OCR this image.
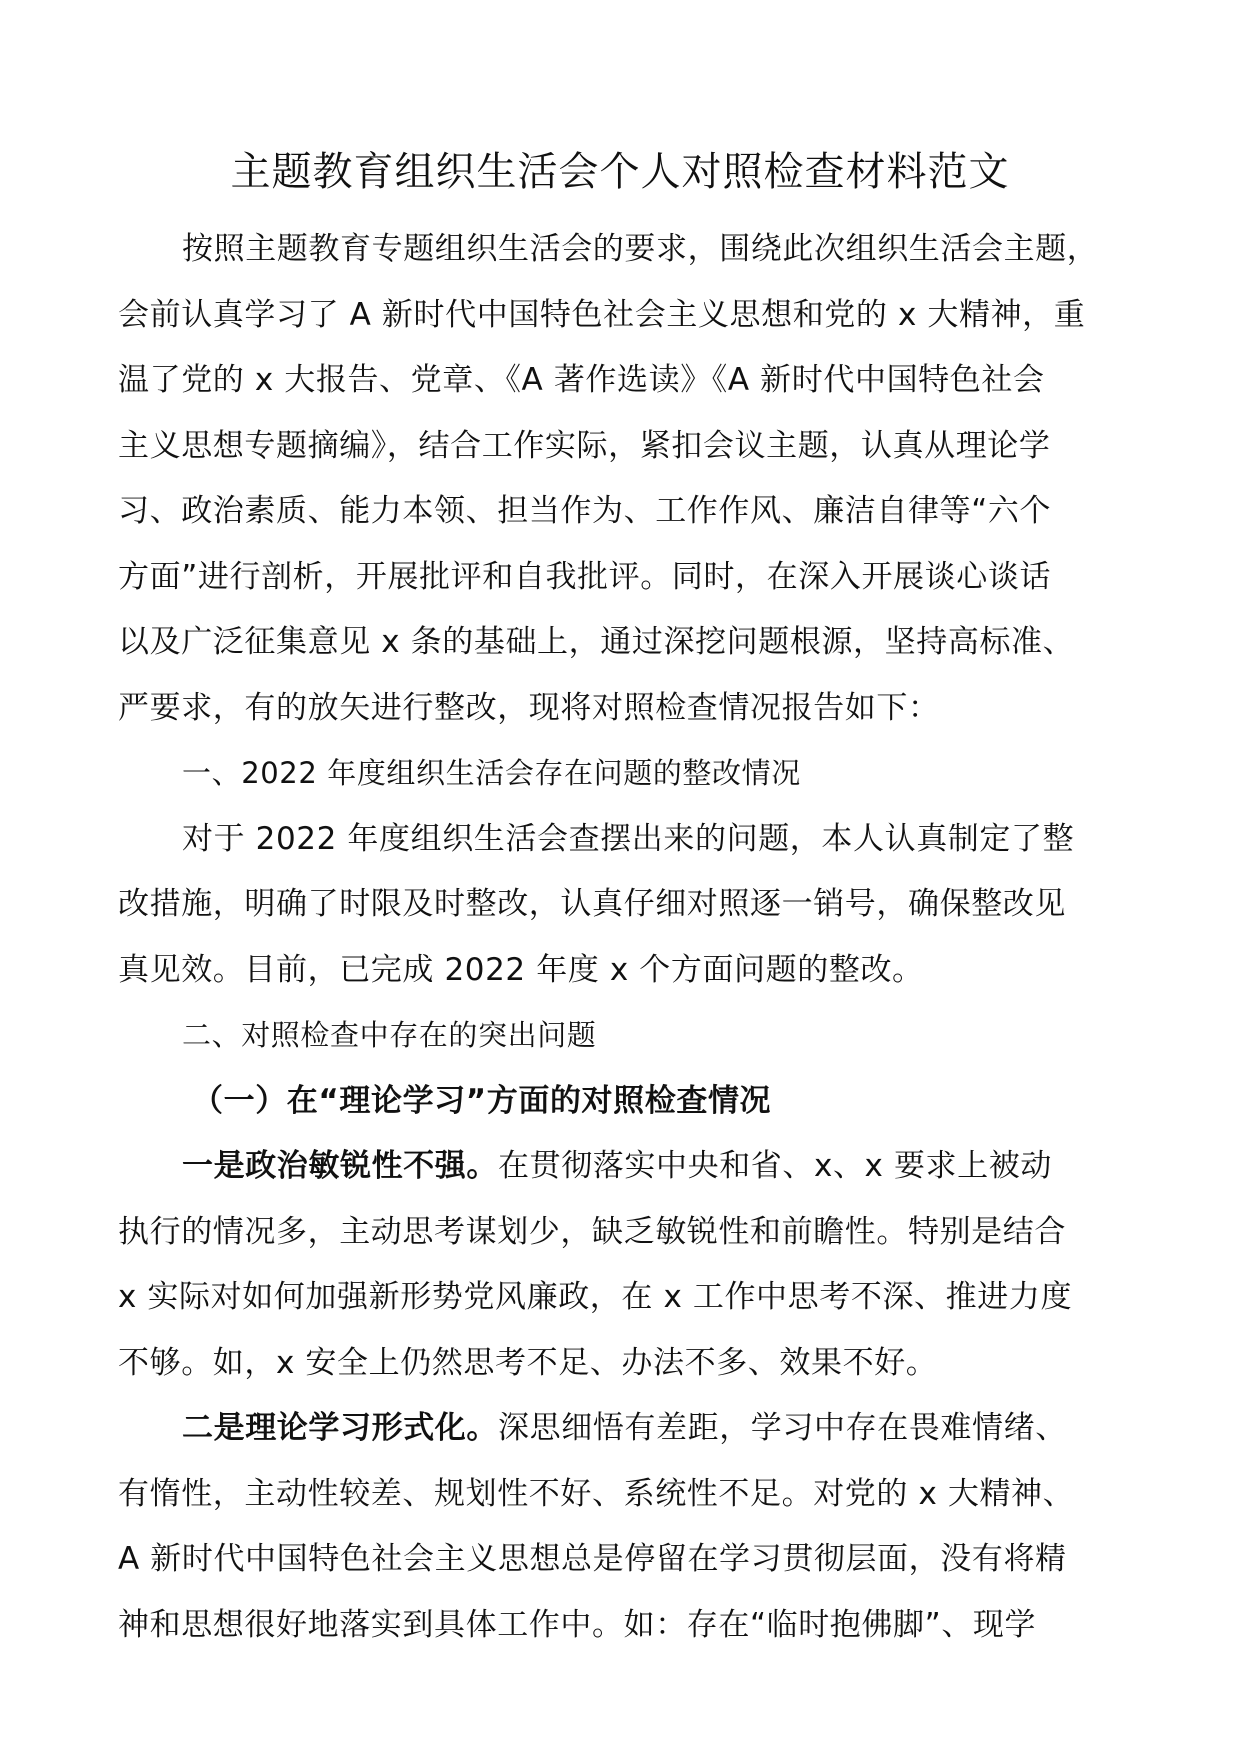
主题教育组织生活会个人对照检查材料范文
按照主题教育专题组织生活会的要求，围绕此次组织生活会主题，
会前认真学习了 A 新时代中国特色社会主义思想和党的 x 大精神，重
温了党的 x 大报告、党章、《A 著作选读》《A 新时代中国特色社会
主义思想专题摘编》，结合工作实际，紧扣会议主题，认真从理论学
习、政治素质、能力本领、担当作为、工作作风、廉洁自律等“六个
方面”进行剖析，开展批评和自我批评。同时，在深入开展谈心谈话
以及广泛征集意见 x 条的基础上，通过深挖问题根源，坚持高标准、
严要求，有的放矢进行整改，现将对照检查情况报告如下：
一、2022 年度组织生活会存在问题的整改情况
对于 2022 年度组织生活会查摆出来的问题，本人认真制定了整
改措施，明确了时限及时整改，认真仔细对照逐一销号，确保整改见
真见效。目前，已完成 2022 年度 x 个方面问题的整改。
二、对照检查中存在的突出问题
（一）在“理论学习”方面的对照检查情况
一是政治敏锐性不强。在贯彻落实中央和省、x、x 要求上被动
执行的情况多，主动思考谋划少，缺乏敏锐性和前瞻性。特别是结合
x 实际对如何加强新形势党风廉政，在 x 工作中思考不深、推进力度
不够。如，x 安全上仍然思考不足、办法不多、效果不好。
二是理论学习形式化。深思细悟有差距，学习中存在畏难情绪、
有惰性，主动性较差、规划性不好、系统性不足。对党的 x 大精神、
A 新时代中国特色社会主义思想总是停留在学习贯彻层面，没有将精
神和思想很好地落实到具体工作中。如：存在“临时抱佛脚”、现学
